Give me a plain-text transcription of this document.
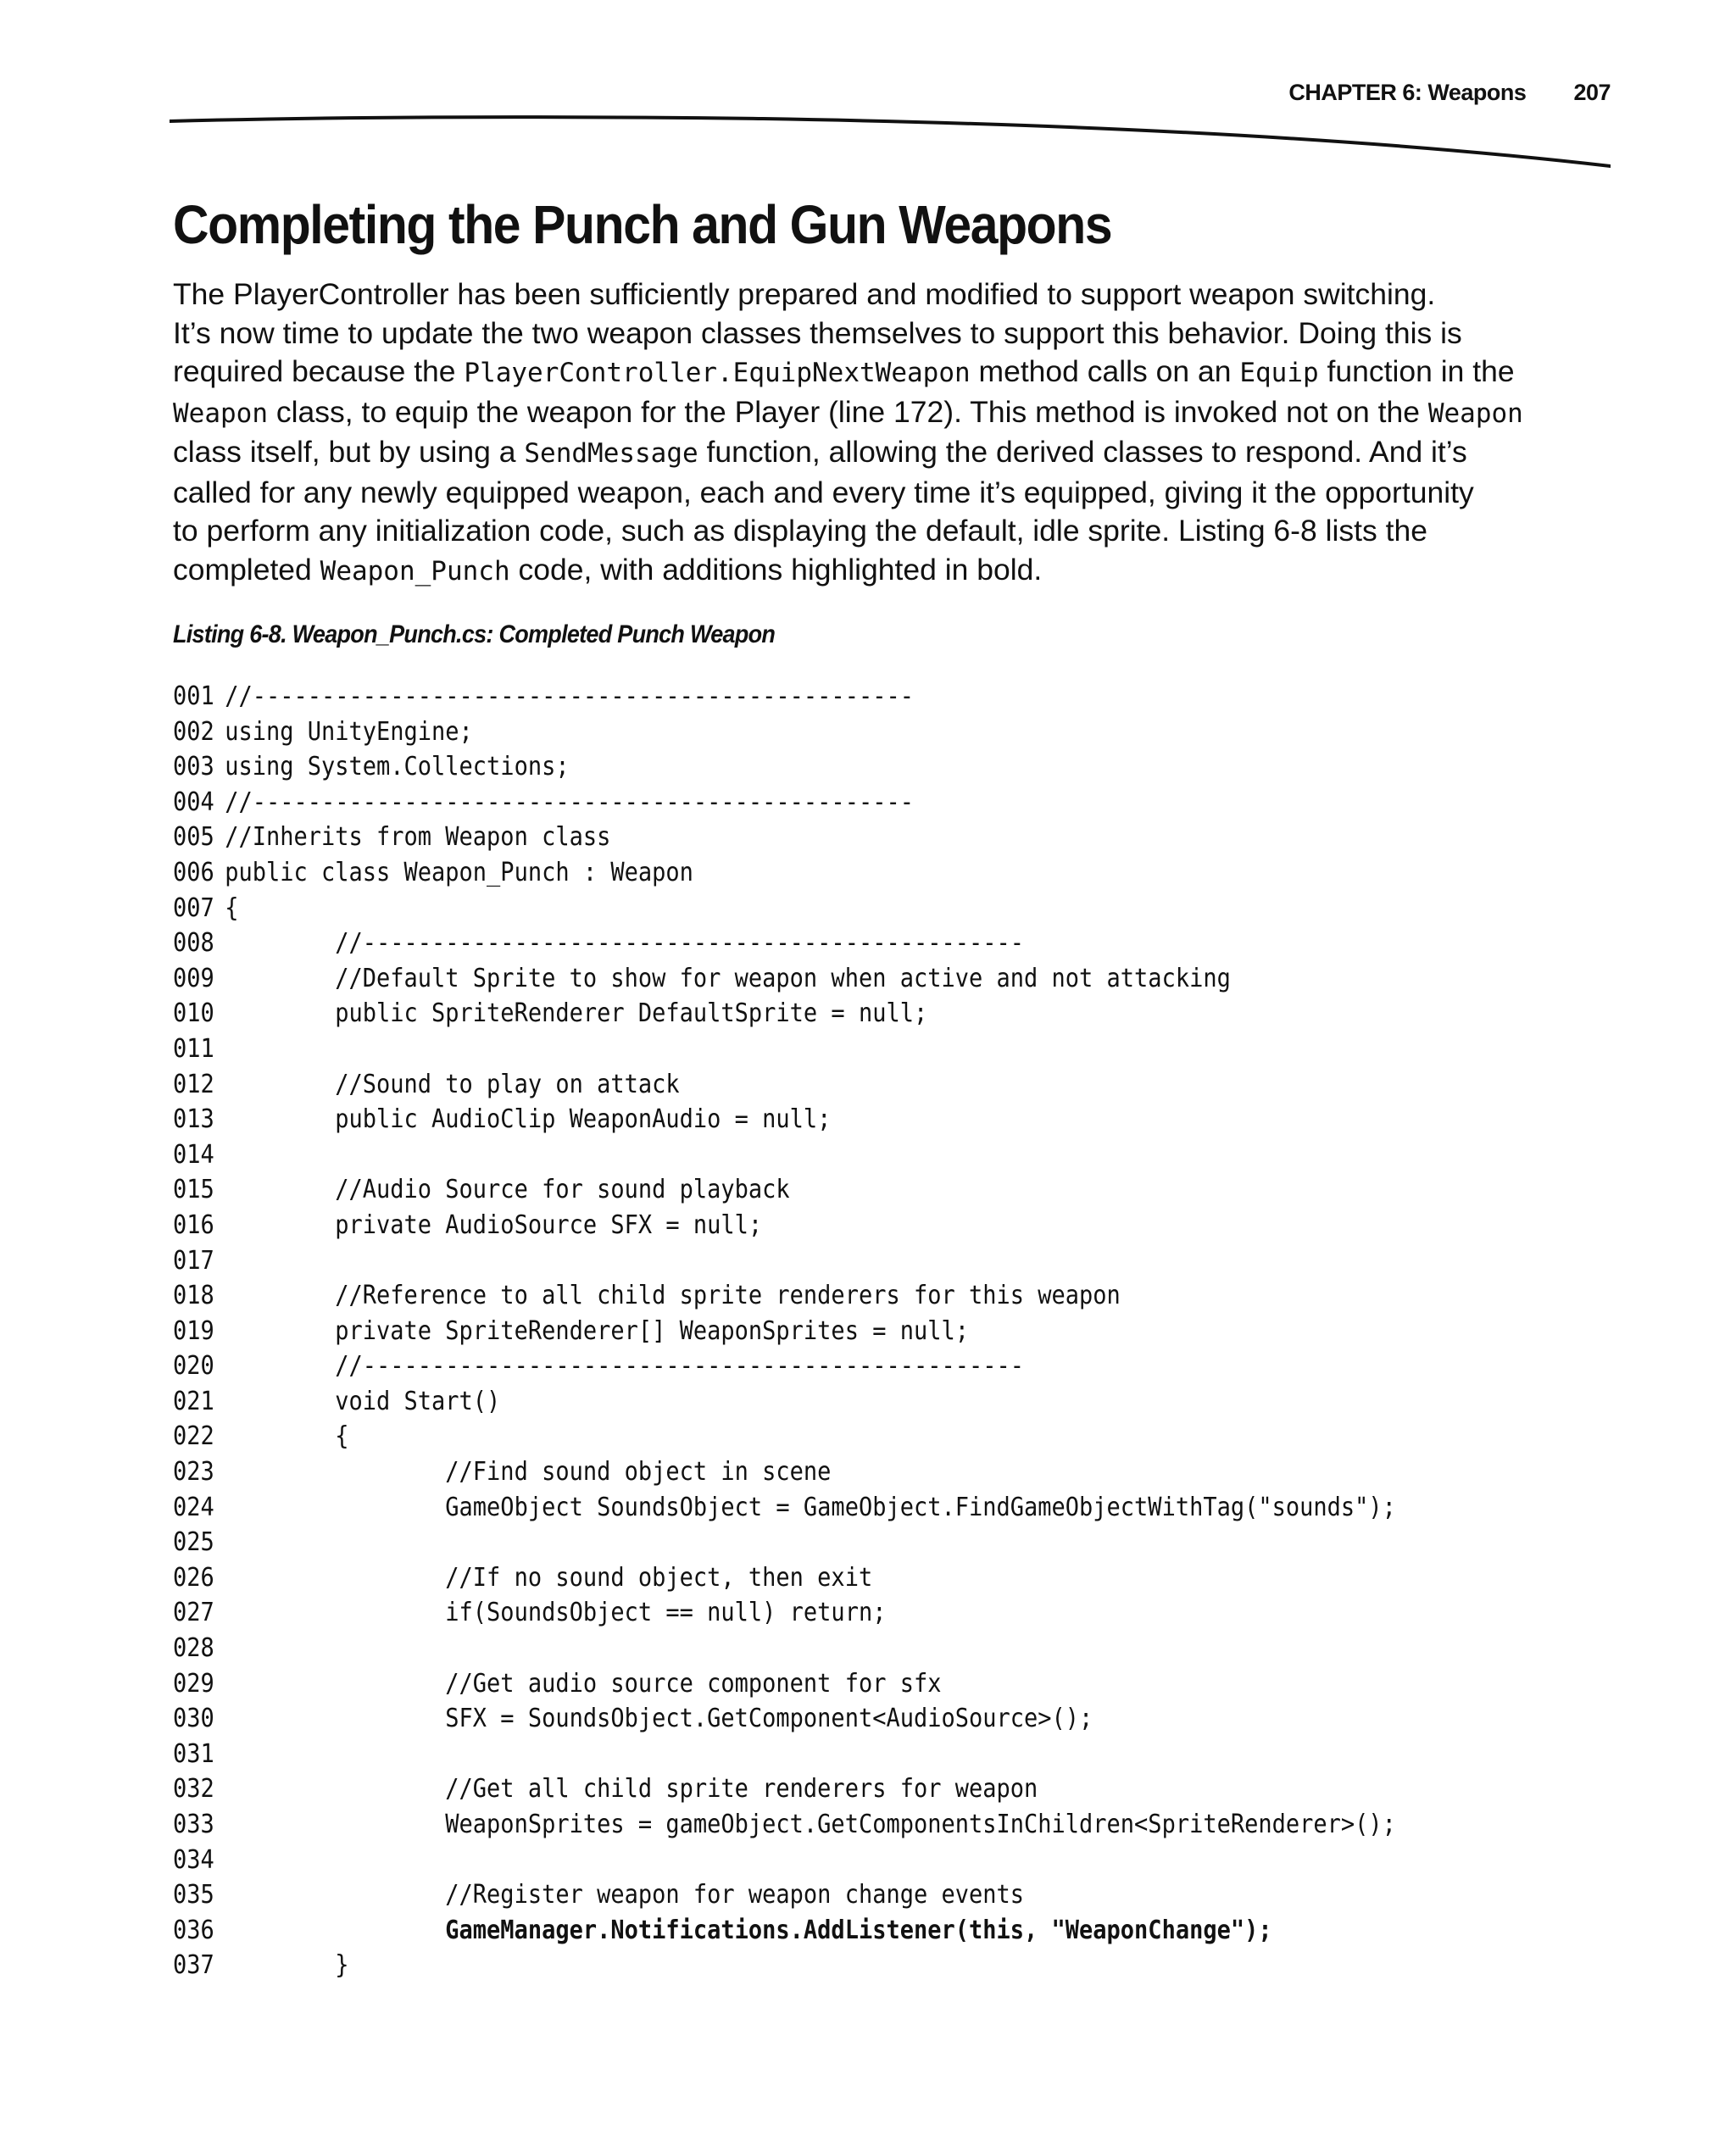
CHAPTER 6: Weapons 207
Completing the Punch and Gun Weapons
The PlayerController has been sufficiently prepared and modified to support weapon switching.
It’s now time to update the two weapon classes themselves to support this behavior. Doing this is
required because the PlayerController.EquipNextWeapon method calls on an Equip function in the
Weapon class, to equip the weapon for the Player (line 172). This method is invoked not on the Weapon
class itself, but by using a SendMessage function, allowing the derived classes to respond. And it’s
called for any newly equipped weapon, each and every time it’s equipped, giving it the opportunity
to perform any initialization code, such as displaying the default, idle sprite. Listing 6-8 lists the
completed Weapon_Punch code, with additions highlighted in bold.
Listing 6-8. Weapon_Punch.cs: Completed Punch Weapon
001 //------------------------------------------------
002 using UnityEngine;
003 using System.Collections;
004 //------------------------------------------------
005 //Inherits from Weapon class
006 public class Weapon_Punch : Weapon
007 {
008        //------------------------------------------------
009        //Default Sprite to show for weapon when active and not attacking
010        public SpriteRenderer DefaultSprite = null;
011
012        //Sound to play on attack
013        public AudioClip WeaponAudio = null;
014
015        //Audio Source for sound playback
016        private AudioSource SFX = null;
017
018        //Reference to all child sprite renderers for this weapon
019        private SpriteRenderer[] WeaponSprites = null;
020        //------------------------------------------------
021        void Start()
022        {
023                //Find sound object in scene
024                GameObject SoundsObject = GameObject.FindGameObjectWithTag("sounds");
025
026                //If no sound object, then exit
027                if(SoundsObject == null) return;
028
029                //Get audio source component for sfx
030                SFX = SoundsObject.GetComponent<AudioSource>();
031
032                //Get all child sprite renderers for weapon
033                WeaponSprites = gameObject.GetComponentsInChildren<SpriteRenderer>();
034
035                //Register weapon for weapon change events
036                GameManager.Notifications.AddListener(this, "WeaponChange");
037        }
